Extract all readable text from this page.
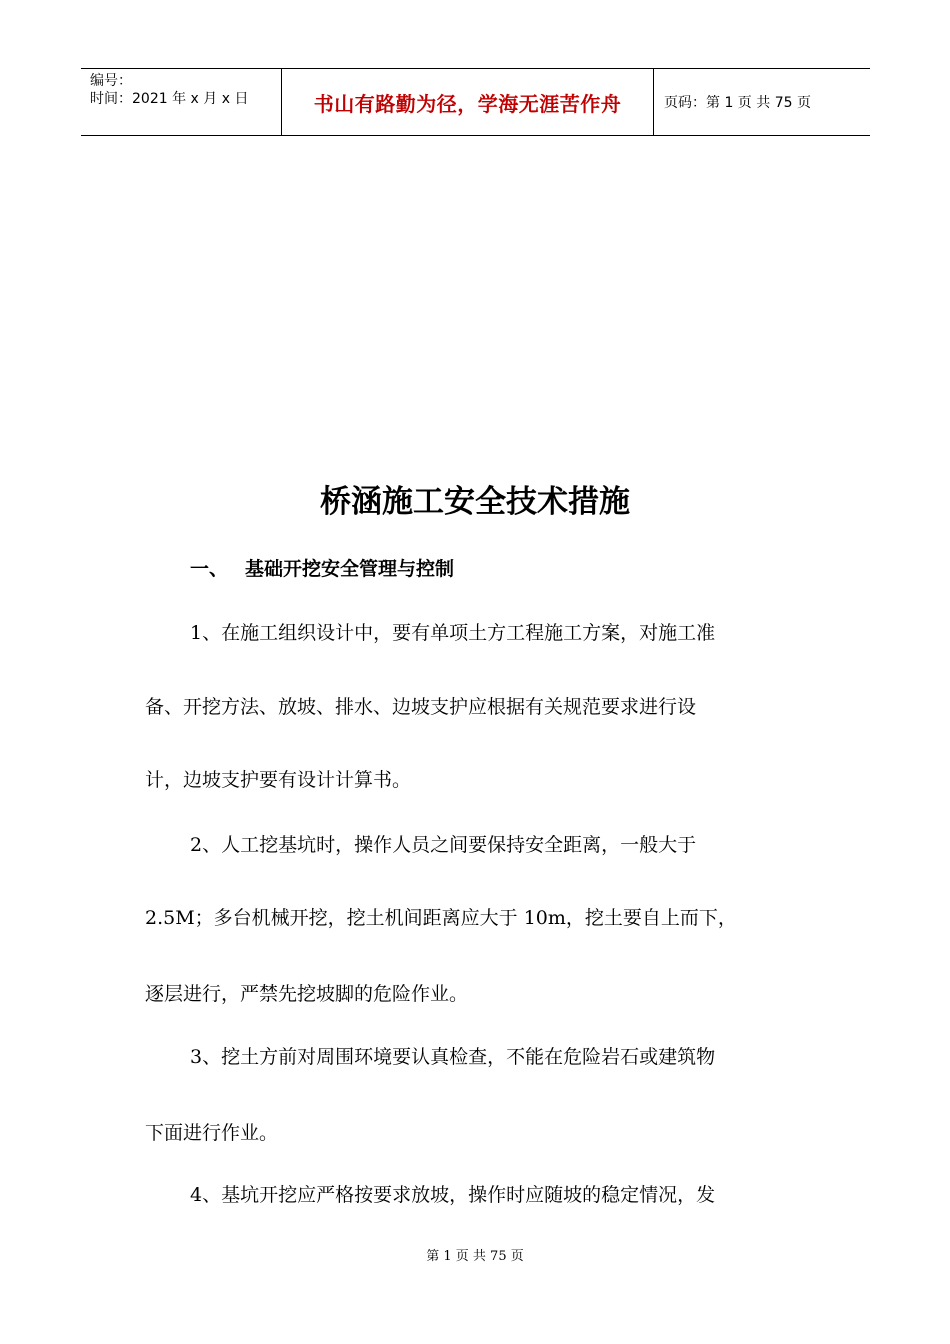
编号：
时间：2021 年 x 月 x 日	书山有路勤为径，学海无涯苦作舟	页码：第 1 页 共 75 页
桥涵施工安全技术措施
一、 基础开挖安全管理与控制
1、在施工组织设计中，要有单项土方工程施工方案，对施工准
备、开挖方法、放坡、排水、边坡支护应根据有关规范要求进行设
计，边坡支护要有设计计算书。
2、人工挖基坑时，操作人员之间要保持安全距离，一般大于
2.5M；多台机械开挖，挖土机间距离应大于 10m，挖土要自上而下，
逐层进行，严禁先挖坡脚的危险作业。
3、挖土方前对周围环境要认真检查，不能在危险岩石或建筑物
下面进行作业。
4、基坑开挖应严格按要求放坡，操作时应随坡的稳定情况，发
第 1 页 共 75 页
